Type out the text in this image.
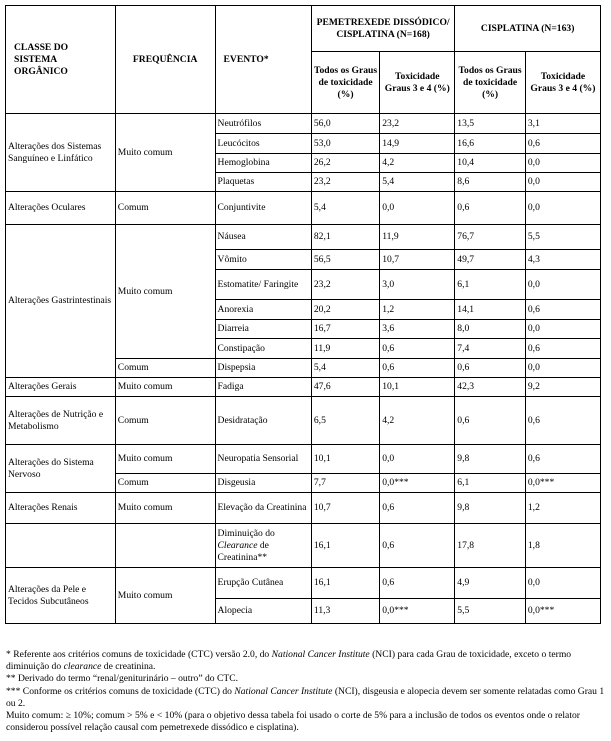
CLASSE DO SISTEMA ORGÂNICO	FREQUÊNCIA	EVENTO*	PEMETREXEDE DISSÓDICO/ CISPLATINA (N=168)		CISPLATINA (N=163)	
			Todos os Graus de toxicidade (%)	Toxicidade Graus 3 e 4 (%)	Todos os Graus de toxicidade (%)	Toxicidade Graus 3 e 4 (%)
Alterações dos Sistemas Sanguíneo e Linfático	Muito comum	Neutrófilos	56,0	23,2	13,5	3,1
		Leucócitos	53,0	14,9	16,6	0,6
		Hemoglobina	26,2	4,2	10,4	0,0
		Plaquetas	23,2	5,4	8,6	0,0
Alterações Oculares	Comum	Conjuntivite	5,4	0,0	0,6	0,0
Alterações Gastrintestinais	Muito comum	Náusea	82,1	11,9	76,7	5,5
		Vômito	56,5	10,7	49,7	4,3
		Estomatite/ Faringite	23,2	3,0	6,1	0,0
		Anorexia	20,2	1,2	14,1	0,6
		Diarreia	16,7	3,6	8,0	0,0
		Constipação	11,9	0,6	7,4	0,6
	Comum	Dispepsia	5,4	0,6	0,6	0,0
Alterações Gerais	Muito comum	Fadiga	47,6	10,1	42,3	9,2
Alterações de Nutrição e Metabolismo	Comum	Desidratação	6,5	4,2	0,6	0,6
Alterações do Sistema Nervoso	Muito comum	Neuropatia Sensorial	10,1	0,0	9,8	0,6
	Comum	Disgeusia	7,7	0,0***	6,1	0,0***
Alterações Renais	Muito comum	Elevação da Creatinina	10,7	0,6	9,8	1,2
		Diminuição do Clearance de Creatinina**	16,1	0,6	17,8	1,8
Alterações da Pele e Tecidos Subcutâneos	Muito comum	Erupção Cutânea	16,1	0,6	4,9	0,0
		Alopecia	11,3	0,0***	5,5	0,0***

* Referente aos critérios comuns de toxicidade (CTC) versão 2.0, do National Cancer Institute (NCI) para cada Grau de toxicidade, exceto o termo diminuição do clearance de creatinina.

** Derivado do termo “renal/geniturinário – outro” do CTC.

*** Conforme os critérios comuns de toxicidade (CTC) do National Cancer Institute (NCI), disgeusia e alopecia devem ser somente relatadas como Grau 1 ou 2.

Muito comum: ≥ 10%; comum > 5% e < 10% (para o objetivo dessa tabela foi usado o corte de 5% para a inclusão de todos os eventos onde o relator considerou possível relação causal com pemetrexede dissódico e cisplatina).
